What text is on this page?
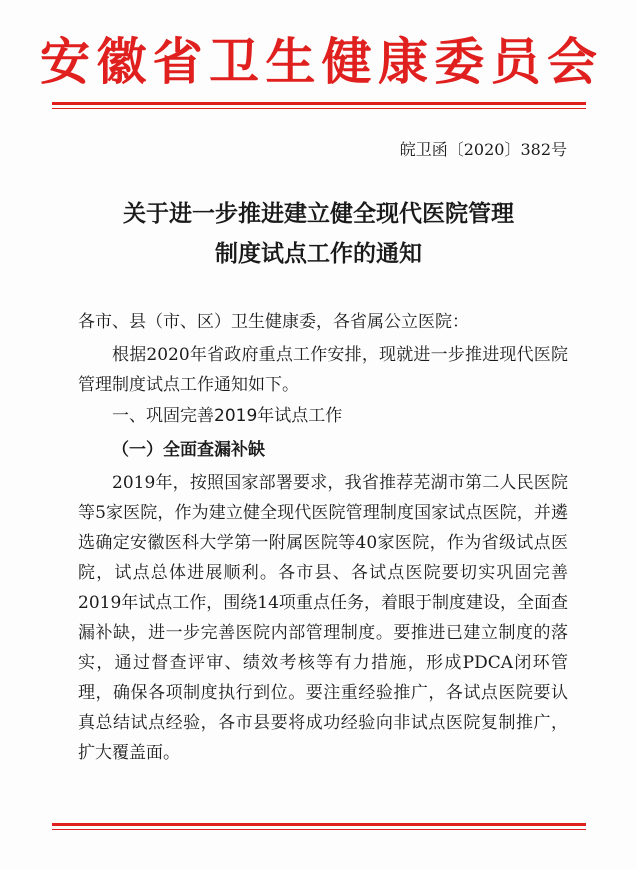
安 徽 省 卫 生 健 康 委 员 会
皖卫函〔2020〕382号
关于进一步推进建立健全现代医院管理
制度试点工作的通知
各市、县（市、区）卫生健康委，各省属公立医院：

根据2020年省政府重点工作安排，现就进一步推进现代医院管理制度试点工作通知如下。

一、巩固完善2019年试点工作
（一）全面查漏补缺

2019年，按照国家部署要求，我省推荐芜湖市第二人民医院等5家医院，作为建立健全现代医院管理制度国家试点医院，并遴选确定安徽医科大学第一附属医院等40家医院，作为省级试点医院，试点总体进展顺利。各市县、各试点医院要切实巩固完善2019年试点工作，围绕14项重点任务，着眼于制度建设，全面查漏补缺，进一步完善医院内部管理制度。要推进已建立制度的落实，通过督查评审、绩效考核等有力措施，形成PDCA闭环管理，确保各项制度执行到位。要注重经验推广，各试点医院要认真总结试点经验，各市县要将成功经验向非试点医院复制推广，扩大覆盖面。
